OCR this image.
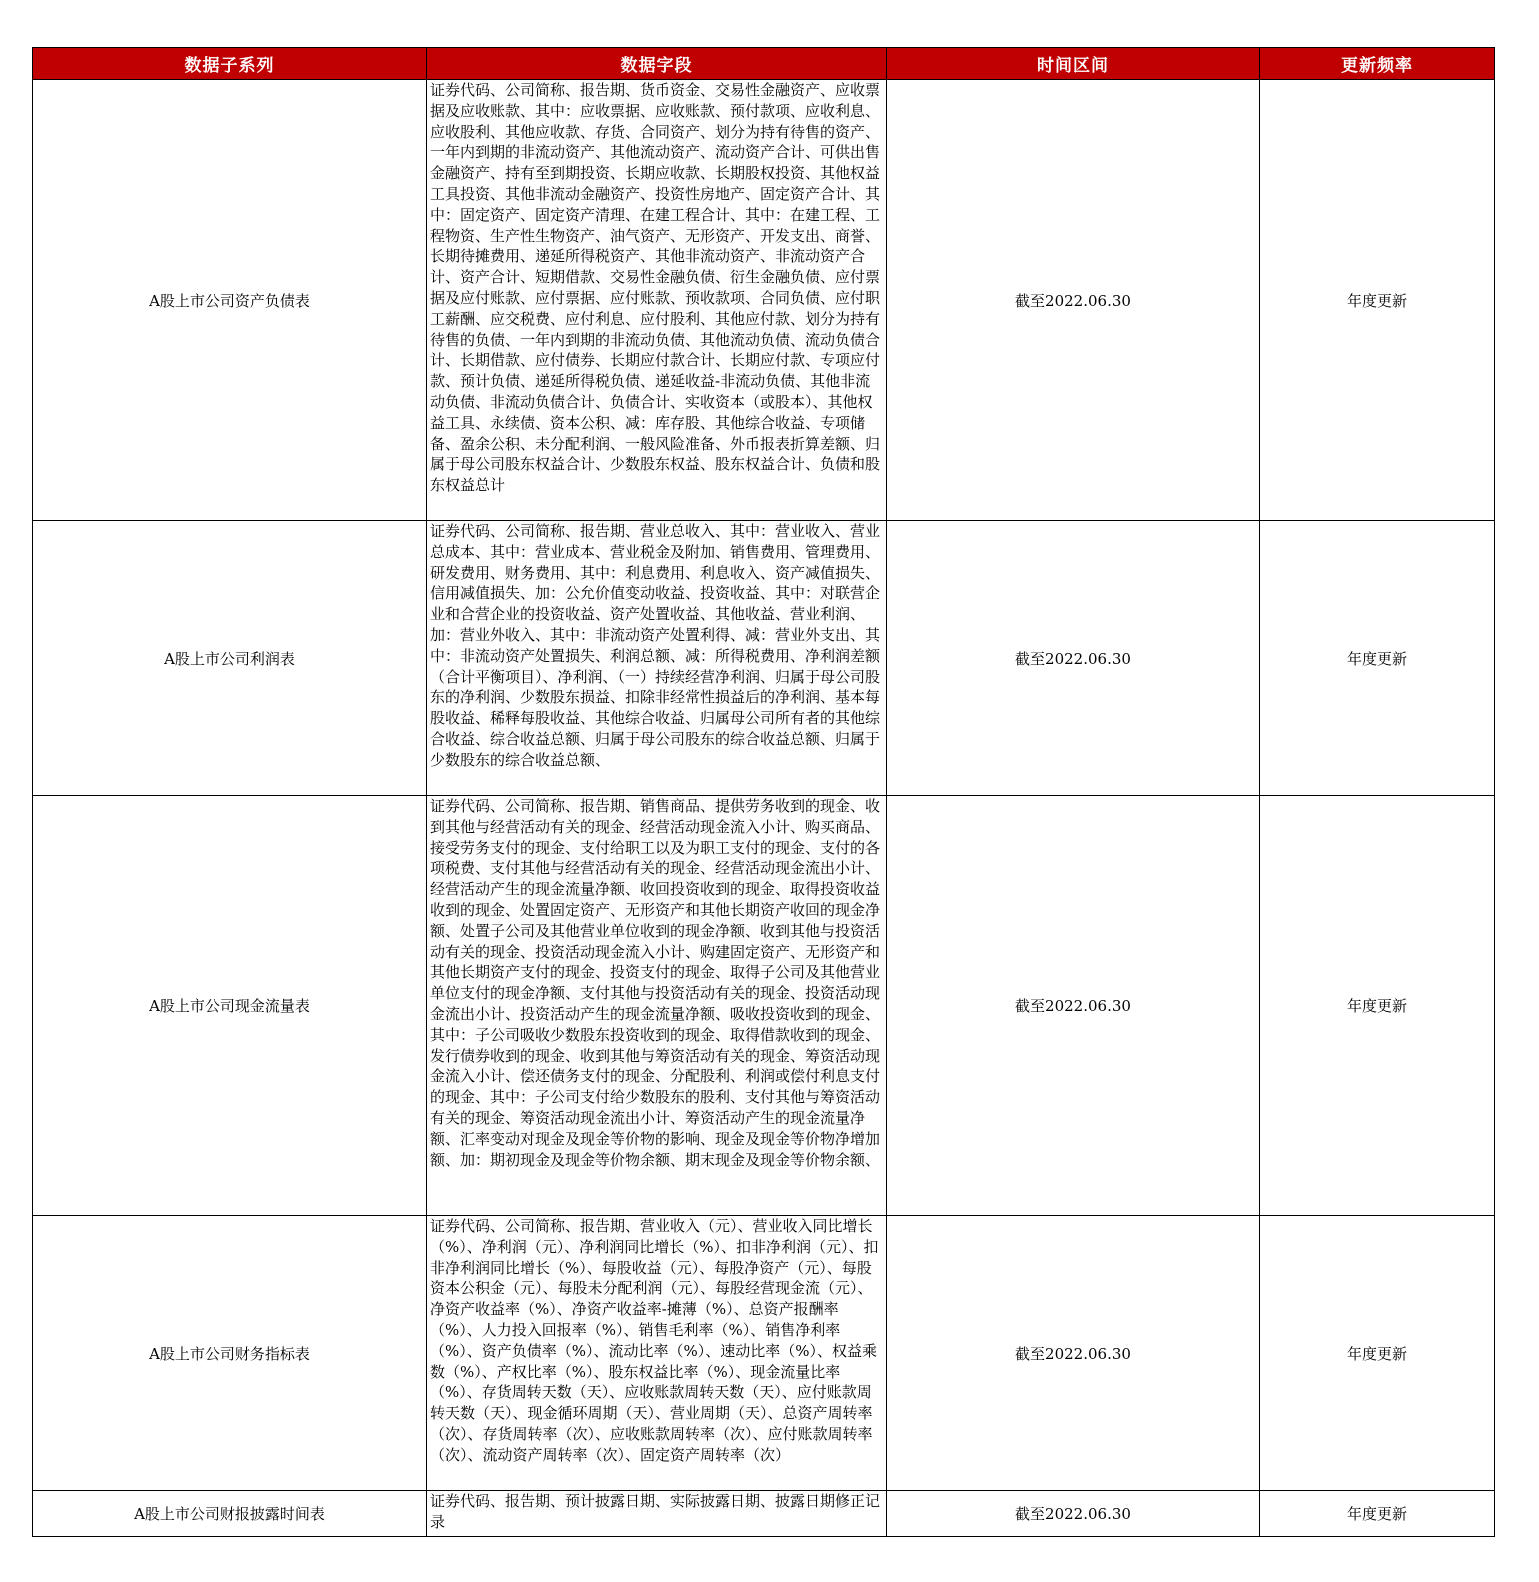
数据子系列	数据字段	时间区间	更新频率
A股上市公司资产负债表	证券代码、公司简称、报告期、货币资金、交易性金融资产、应收票据及应收账款、其中：应收票据、应收账款、预付款项、应收利息、应收股利、其他应收款、存货、合同资产、划分为持有待售的资产、一年内到期的非流动资产、其他流动资产、流动资产合计、可供出售金融资产、持有至到期投资、长期应收款、长期股权投资、其他权益工具投资、其他非流动金融资产、投资性房地产、固定资产合计、其中：固定资产、固定资产清理、在建工程合计、其中：在建工程、工程物资、生产性生物资产、油气资产、无形资产、开发支出、商誉、长期待摊费用、递延所得税资产、其他非流动资产、非流动资产合计、资产合计、短期借款、交易性金融负债、衍生金融负债、应付票据及应付账款、应付票据、应付账款、预收款项、合同负债、应付职工薪酬、应交税费、应付利息、应付股利、其他应付款、划分为持有待售的负债、一年内到期的非流动负债、其他流动负债、流动负债合计、长期借款、应付债券、长期应付款合计、长期应付款、专项应付款、预计负债、递延所得税负债、递延收益-非流动负债、其他非流动负债、非流动负债合计、负债合计、实收资本（或股本）、其他权益工具、永续债、资本公积、减：库存股、其他综合收益、专项储备、盈余公积、未分配利润、一般风险准备、外币报表折算差额、归属于母公司股东权益合计、少数股东权益、股东权益合计、负债和股东权益总计	截至2022.06.30	年度更新
A股上市公司利润表	证券代码、公司简称、报告期、营业总收入、其中：营业收入、营业总成本、其中：营业成本、营业税金及附加、销售费用、管理费用、研发费用、财务费用、其中：利息费用、利息收入、资产减值损失、信用减值损失、加：公允价值变动收益、投资收益、其中：对联营企业和合营企业的投资收益、资产处置收益、其他收益、营业利润、加：营业外收入、其中：非流动资产处置利得、减：营业外支出、其中：非流动资产处置损失、利润总额、减：所得税费用、净利润差额（合计平衡项目）、净利润、（一）持续经营净利润、归属于母公司股东的净利润、少数股东损益、扣除非经常性损益后的净利润、基本每股收益、稀释每股收益、其他综合收益、归属母公司所有者的其他综合收益、综合收益总额、归属于母公司股东的综合收益总额、归属于少数股东的综合收益总额、	截至2022.06.30	年度更新
A股上市公司现金流量表	证券代码、公司简称、报告期、销售商品、提供劳务收到的现金、收到其他与经营活动有关的现金、经营活动现金流入小计、购买商品、接受劳务支付的现金、支付给职工以及为职工支付的现金、支付的各项税费、支付其他与经营活动有关的现金、经营活动现金流出小计、经营活动产生的现金流量净额、收回投资收到的现金、取得投资收益收到的现金、处置固定资产、无形资产和其他长期资产收回的现金净额、处置子公司及其他营业单位收到的现金净额、收到其他与投资活动有关的现金、投资活动现金流入小计、购建固定资产、无形资产和其他长期资产支付的现金、投资支付的现金、取得子公司及其他营业单位支付的现金净额、支付其他与投资活动有关的现金、投资活动现金流出小计、投资活动产生的现金流量净额、吸收投资收到的现金、其中：子公司吸收少数股东投资收到的现金、取得借款收到的现金、发行债券收到的现金、收到其他与筹资活动有关的现金、筹资活动现金流入小计、偿还债务支付的现金、分配股利、利润或偿付利息支付的现金、其中：子公司支付给少数股东的股利、支付其他与筹资活动有关的现金、筹资活动现金流出小计、筹资活动产生的现金流量净额、汇率变动对现金及现金等价物的影响、现金及现金等价物净增加额、加：期初现金及现金等价物余额、期末现金及现金等价物余额、	截至2022.06.30	年度更新
A股上市公司财务指标表	证券代码、公司简称、报告期、营业收入（元）、营业收入同比增长（%）、净利润（元）、净利润同比增长（%）、扣非净利润（元）、扣非净利润同比增长（%）、每股收益（元）、每股净资产（元）、每股资本公积金（元）、每股未分配利润（元）、每股经营现金流（元）、净资产收益率（%）、净资产收益率-摊薄（%）、总资产报酬率（%）、人力投入回报率（%）、销售毛利率（%）、销售净利率（%）、资产负债率（%）、流动比率（%）、速动比率（%）、权益乘数（%）、产权比率（%）、股东权益比率（%）、现金流量比率（%）、存货周转天数（天）、应收账款周转天数（天）、应付账款周转天数（天）、现金循环周期（天）、营业周期（天）、总资产周转率（次）、存货周转率（次）、应收账款周转率（次）、应付账款周转率（次）、流动资产周转率（次）、固定资产周转率（次）	截至2022.06.30	年度更新
A股上市公司财报披露时间表	证券代码、报告期、预计披露日期、实际披露日期、披露日期修正记录	截至2022.06.30	年度更新
